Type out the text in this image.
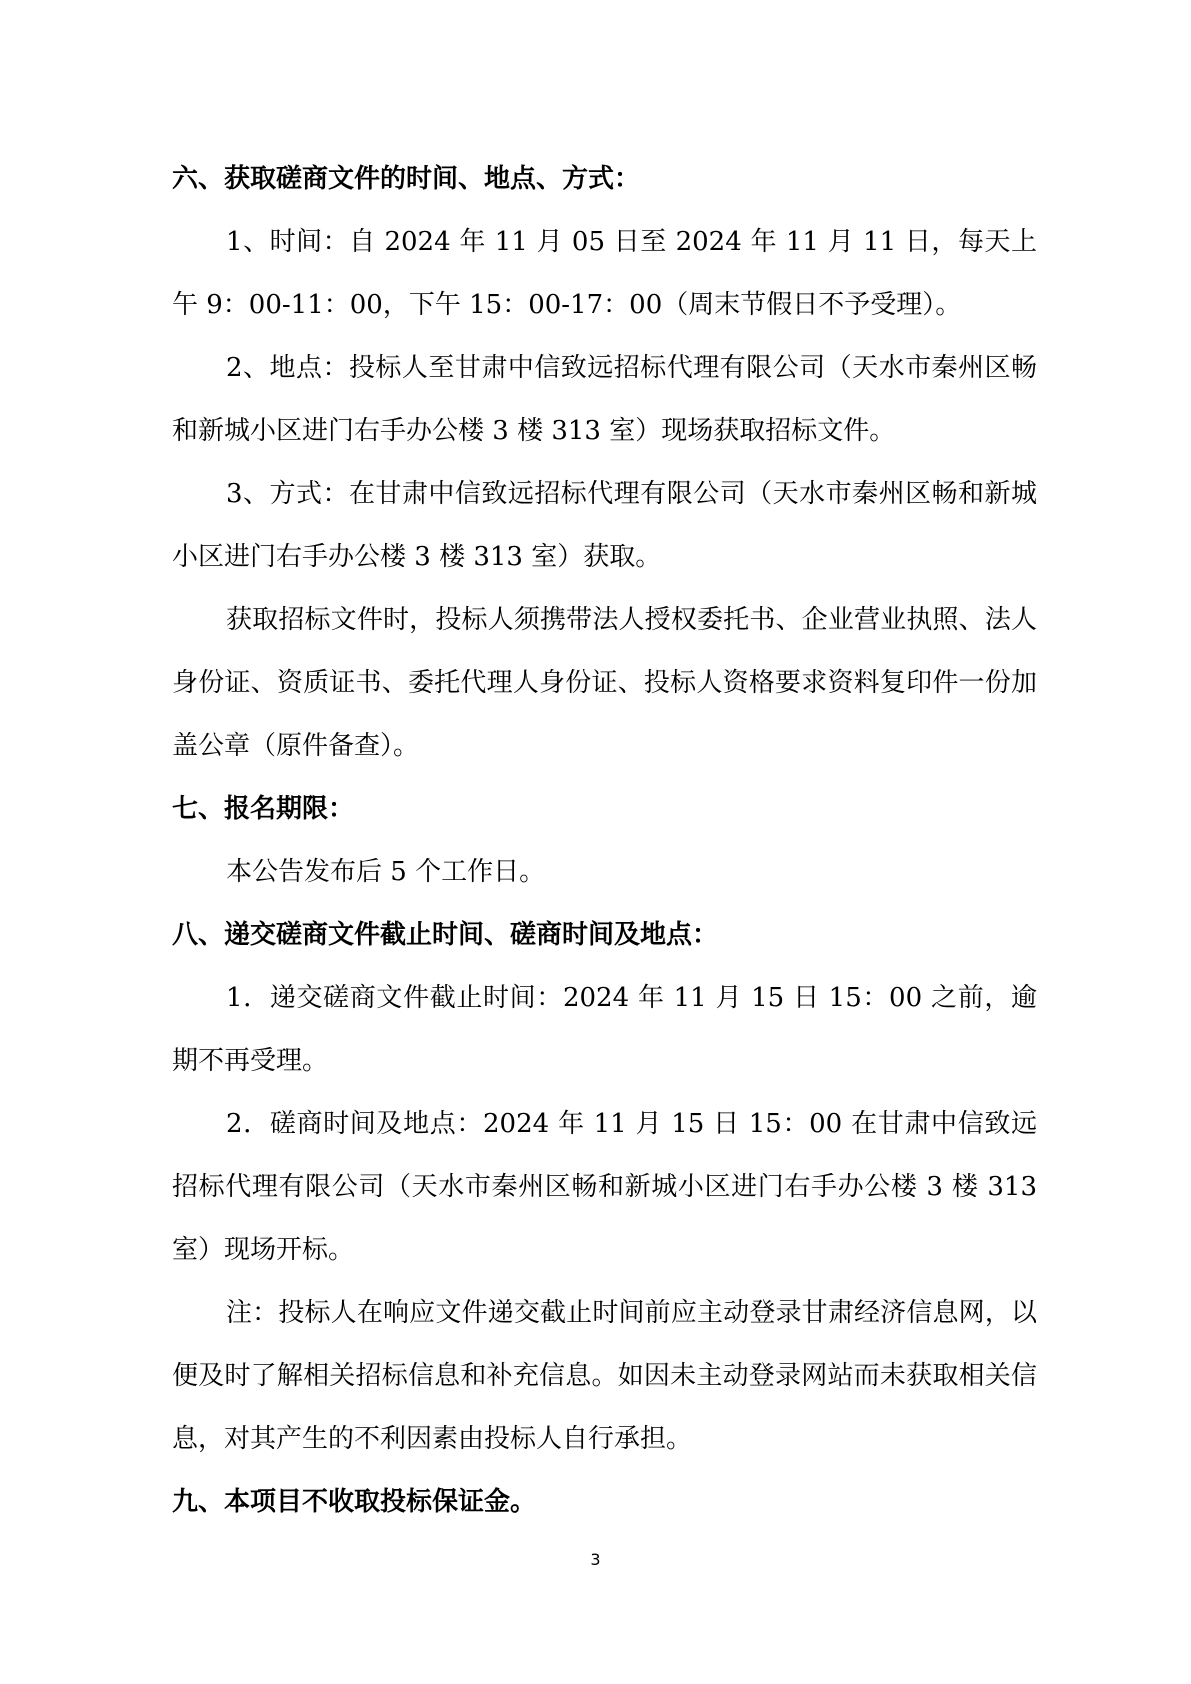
六、获取磋商文件的时间、地点、方式：

1、时间：自 2024 年 11 月 05 日至 2024 年 11 月 11 日，每天上午 9：00-11：00，下午 15：00-17：00（周末节假日不予受理）。

2、地点：投标人至甘肃中信致远招标代理有限公司（天水市秦州区畅和新城小区进门右手办公楼 3 楼 313 室）现场获取招标文件。

3、方式：在甘肃中信致远招标代理有限公司（天水市秦州区畅和新城小区进门右手办公楼 3 楼 313 室）获取。

获取招标文件时，投标人须携带法人授权委托书、企业营业执照、法人身份证、资质证书、委托代理人身份证、投标人资格要求资料复印件一份加盖公章（原件备查）。

七、报名期限：

本公告发布后 5 个工作日。

八、递交磋商文件截止时间、磋商时间及地点：

1．递交磋商文件截止时间：2024 年 11 月 15 日 15：00 之前，逾期不再受理。

2．磋商时间及地点：2024 年 11 月 15 日 15：00 在甘肃中信致远招标代理有限公司（天水市秦州区畅和新城小区进门右手办公楼 3 楼 313 室）现场开标。

注：投标人在响应文件递交截止时间前应主动登录甘肃经济信息网，以便及时了解相关招标信息和补充信息。如因未主动登录网站而未获取相关信息，对其产生的不利因素由投标人自行承担。

九、本项目不收取投标保证金。

3
